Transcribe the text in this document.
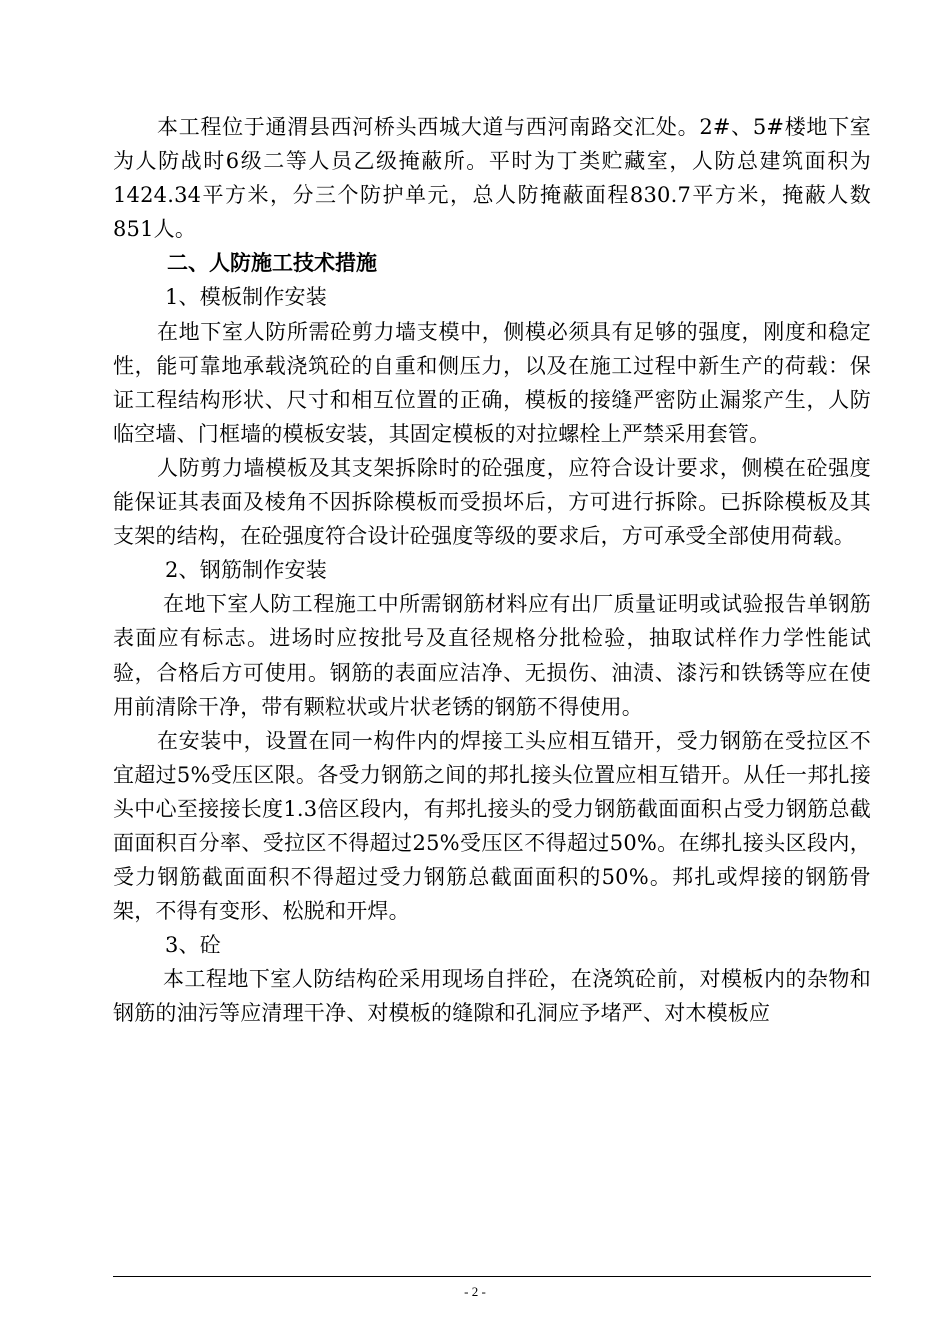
本工程位于通渭县西河桥头西城大道与西河南路交汇处。2#、5#楼地下室为人防战时6级二等人员乙级掩蔽所。平时为丁类贮藏室，人防总建筑面积为1424.34平方米，分三个防护单元，总人防掩蔽面程830.7平方米，掩蔽人数851人。

二、人防施工技术措施

1、模板制作安装

在地下室人防所需砼剪力墙支模中，侧模必须具有足够的强度，刚度和稳定性，能可靠地承载浇筑砼的自重和侧压力，以及在施工过程中新生产的荷载：保证工程结构形状、尺寸和相互位置的正确，模板的接缝严密防止漏浆产生，人防临空墙、门框墙的模板安装，其固定模板的对拉螺栓上严禁采用套管。

人防剪力墙模板及其支架拆除时的砼强度，应符合设计要求，侧模在砼强度能保证其表面及棱角不因拆除模板而受损坏后，方可进行拆除。已拆除模板及其支架的结构，在砼强度符合设计砼强度等级的要求后，方可承受全部使用荷载。

2、钢筋制作安装

在地下室人防工程施工中所需钢筋材料应有出厂质量证明或试验报告单钢筋表面应有标志。进场时应按批号及直径规格分批检验，抽取试样作力学性能试验，合格后方可使用。钢筋的表面应洁净、无损伤、油渍、漆污和铁锈等应在使用前清除干净，带有颗粒状或片状老锈的钢筋不得使用。

在安装中，设置在同一构件内的焊接工头应相互错开，受力钢筋在受拉区不宜超过5%受压区限。各受力钢筋之间的邦扎接头位置应相互错开。从任一邦扎接头中心至接接长度1.3倍区段内，有邦扎接头的受力钢筋截面面积占受力钢筋总截面面积百分率、受拉区不得超过25%受压区不得超过50%。在绑扎接头区段内，受力钢筋截面面积不得超过受力钢筋总截面面积的50%。邦扎或焊接的钢筋骨架，不得有变形、松脱和开焊。

3、砼

本工程地下室人防结构砼采用现场自拌砼，在浇筑砼前，对模板内的杂物和钢筋的油污等应清理干净、对模板的缝隙和孔洞应予堵严、对木模板应

- 2 -
